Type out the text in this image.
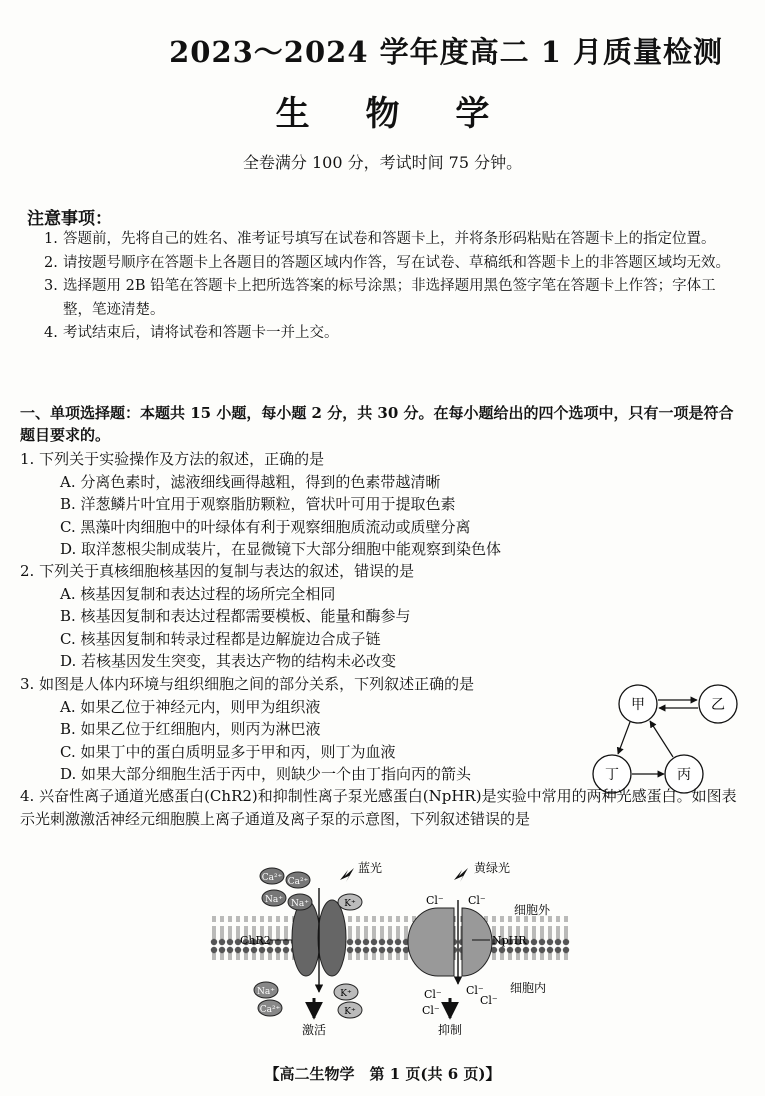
2023～2024 学年度高二 1 月质量检测
生 物 学
全卷满分 100 分，考试时间 75 分钟。
注意事项：
1. 答题前，先将自己的姓名、准考证号填写在试卷和答题卡上，并将条形码粘贴在答题卡上的指定位置。
2. 请按题号顺序在答题卡上各题目的答题区域内作答，写在试卷、草稿纸和答题卡上的非答题区域均无效。
3. 选择题用 2B 铅笔在答题卡上把所选答案的标号涂黑；非选择题用黑色签字笔在答题卡上作答；字体工整，笔迹清楚。
4. 考试结束后，请将试卷和答题卡一并上交。
一、单项选择题：本题共 15 小题，每小题 2 分，共 30 分。在每小题给出的四个选项中，只有一项是符合题目要求的。
1. 下列关于实验操作及方法的叙述，正确的是
A. 分离色素时，滤液细线画得越粗，得到的色素带越清晰
B. 洋葱鳞片叶宜用于观察脂肪颗粒，管状叶可用于提取色素
C. 黑藻叶肉细胞中的叶绿体有利于观察细胞质流动或质壁分离
D. 取洋葱根尖制成装片，在显微镜下大部分细胞中能观察到染色体
2. 下列关于真核细胞核基因的复制与表达的叙述，错误的是
A. 核基因复制和表达过程的场所完全相同
B. 核基因复制和表达过程都需要模板、能量和酶参与
C. 核基因复制和转录过程都是边解旋边合成子链
D. 若核基因发生突变，其表达产物的结构未必改变
3. 如图是人体内环境与组织细胞之间的部分关系，下列叙述正确的是
A. 如果乙位于神经元内，则甲为组织液
B. 如果乙位于红细胞内，则丙为淋巴液
C. 如果丁中的蛋白质明显多于甲和丙，则丁为血液
D. 如果大部分细胞生活于丙中，则缺少一个由丁指向丙的箭头
甲	乙
丁	丙
4. 兴奋性离子通道光感蛋白(ChR2)和抑制性离子泵光感蛋白(NpHR)是实验中常用的两种光感蛋白。如图表示光刺激激活神经元细胞膜上离子通道及离子泵的示意图，下列叙述错误的是
Ca²⁺ Ca²⁺
Na⁺ Na⁺	K⁺
Na⁺
Ca²⁺
K⁺
K⁺
Cl⁻ Cl⁻
Cl⁻
Cl⁻
Cl⁻
Cl⁻
蓝光	黄绿光
细胞外
细胞内
ChR2	NpHR
激活	抑制
【高二生物学　第 1 页(共 6 页)】
